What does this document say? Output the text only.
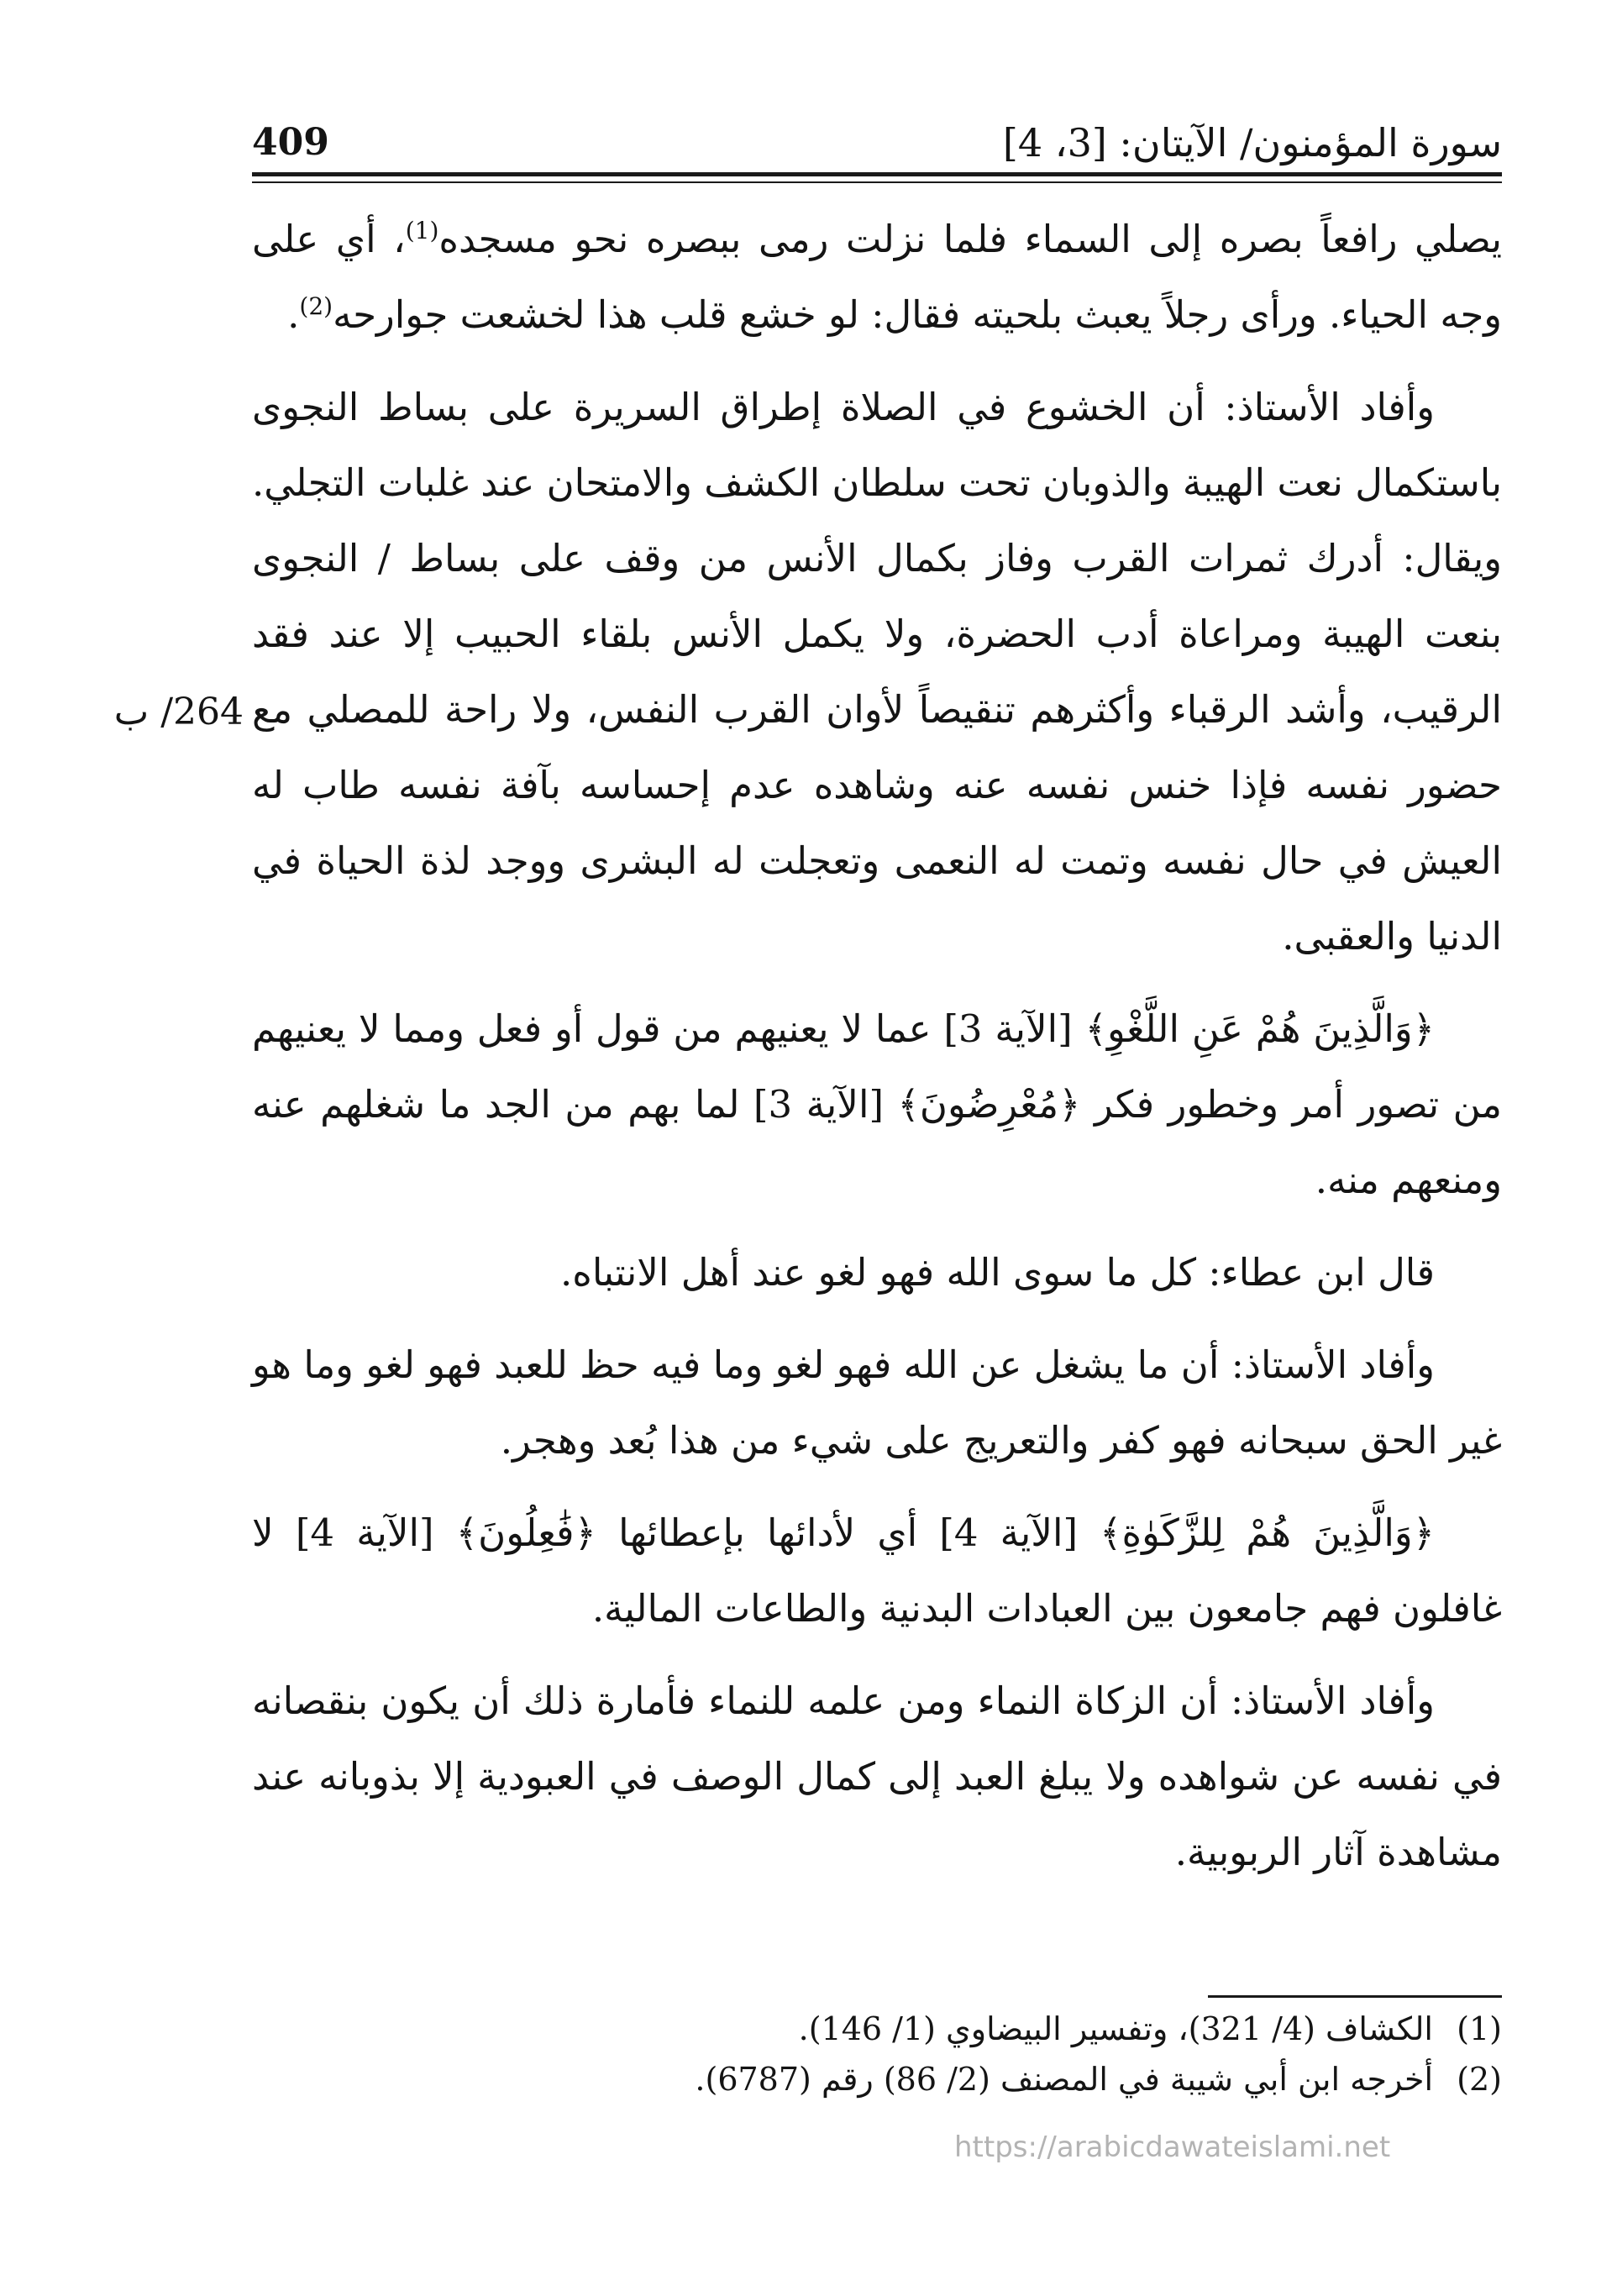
سورة المؤمنون/ الآيتان: [3، 4]
409
264/ ب

يصلي رافعاً بصره إلى السماء فلما نزلت رمى ببصره نحو مسجده$^{(1)}$، أي على وجه الحياء. ورأى رجلاً يعبث بلحيته فقال: لو خشع قلب هذا لخشعت جوارحه$^{(2)}$.

وأفاد الأستاذ: أن الخشوع في الصلاة إطراق السريرة على بساط النجوى باستكمال نعت الهيبة والذوبان تحت سلطان الكشف والامتحان عند غلبات التجلي. ويقال: أدرك ثمرات القرب وفاز بكمال الأنس من وقف على بساط / النجوى بنعت الهيبة ومراعاة أدب الحضرة، ولا يكمل الأنس بلقاء الحبيب إلا عند فقد الرقيب، وأشد الرقباء وأكثرهم تنقيصاً لأوان القرب النفس، ولا راحة للمصلي مع حضور نفسه فإذا خنس نفسه عنه وشاهده عدم إحساسه بآفة نفسه طاب له العيش في حال نفسه وتمت له النعمى وتعجلت له البشرى ووجد لذة الحياة في الدنيا والعقبى.

﴿وَالَّذِينَ هُمْ عَنِ اللَّغْوِ﴾ [الآية 3] عما لا يعنيهم من قول أو فعل ومما لا يعنيهم من تصور أمر وخطور فكر ﴿مُعْرِضُونَ﴾ [الآية 3] لما بهم من الجد ما شغلهم عنه ومنعهم منه.

قال ابن عطاء: كل ما سوى الله فهو لغو عند أهل الانتباه.

وأفاد الأستاذ: أن ما يشغل عن الله فهو لغو وما فيه حظ للعبد فهو لغو وما هو غير الحق سبحانه فهو كفر والتعريج على شيء من هذا بُعد وهجر.

﴿وَالَّذِينَ هُمْ لِلزَّكَوٰةِ﴾ [الآية 4] أي لأدائها بإعطائها ﴿فَٰعِلُونَ﴾ [الآية 4] لا غافلون فهم جامعون بين العبادات البدنية والطاعات المالية.

وأفاد الأستاذ: أن الزكاة النماء ومن علمه للنماء فأمارة ذلك أن يكون بنقصانه في نفسه عن شواهده ولا يبلغ العبد إلى كمال الوصف في العبودية إلا بذوبانه عند مشاهدة آثار الربوبية.

(1)
الكشاف (4/ 321)، وتفسير البيضاوي (1/ 146).
(2)
أخرجه ابن أبي شيبة في المصنف (2/ 86) رقم (6787).
https://arabicdawateislami.net
